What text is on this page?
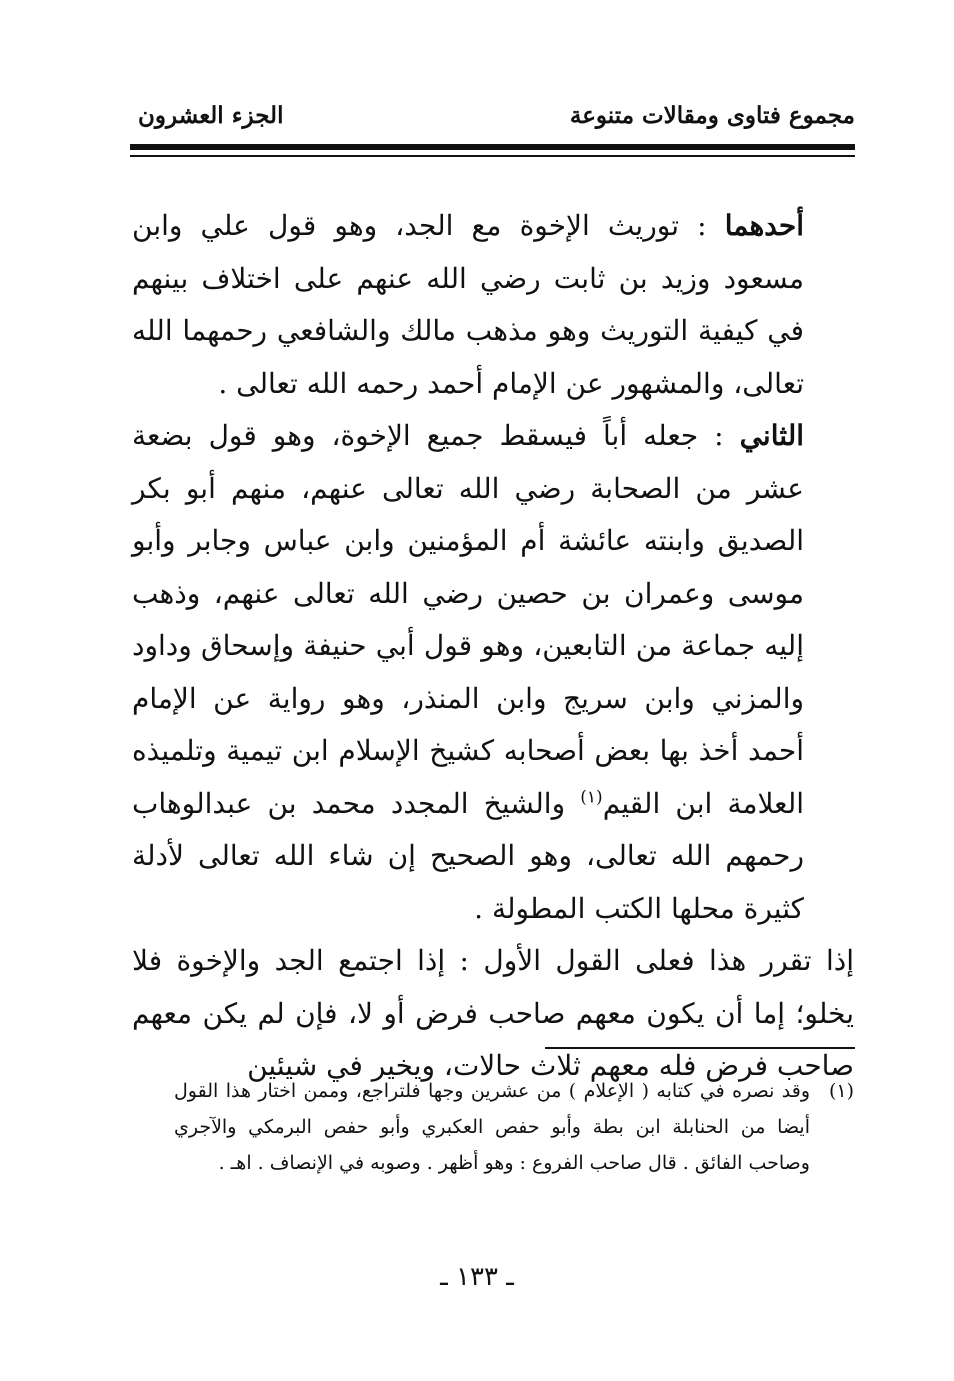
مجموع فتاوى ومقالات متنوعة
الجزء العشرون

أحدهما : توريث الإخوة مع الجد، وهو قول علي وابن مسعود وزيد بن ثابت رضي الله عنهم على اختلاف بينهم في كيفية التوريث وهو مذهب مالك والشافعي رحمهما الله تعالى، والمشهور عن الإمام أحمد رحمه الله تعالى .

الثاني : جعله أباً فيسقط جميع الإخوة، وهو قول بضعة عشر من الصحابة رضي الله تعالى عنهم، منهم أبو بكر الصديق وابنته عائشة أم المؤمنين وابن عباس وجابر وأبو موسى وعمران بن حصين رضي الله تعالى عنهم، وذهب إليه جماعة من التابعين، وهو قول أبي حنيفة وإسحاق وداود والمزني وابن سريج وابن المنذر، وهو رواية عن الإمام أحمد أخذ بها بعض أصحابه كشيخ الإسلام ابن تيمية وتلميذه العلامة ابن القيم$^{(١)}$ والشيخ المجدد محمد بن عبدالوهاب رحمهم الله تعالى، وهو الصحيح إن شاء الله تعالى لأدلة كثيرة محلها الكتب المطولة .

إذا تقرر هذا فعلى القول الأول : إذا اجتمع الجد والإخوة فلا يخلو؛ إما أن يكون معهم صاحب فرض أو لا، فإن لم يكن معهم صاحب فرض فله معهم ثلاث حالات، ويخير في شيئين

(١)
وقد نصره في كتابه ( الإعلام ) من عشرين وجها فلتراجع، وممن اختار هذا القول أيضا من الحنابلة ابن بطة وأبو حفص العكبري وأبو حفص البرمكي والآجري وصاحب الفائق . قال صاحب الفروع : وهو أظهر . وصوبه في الإنصاف . اهـ .
ـ ١٣٣ ـ
